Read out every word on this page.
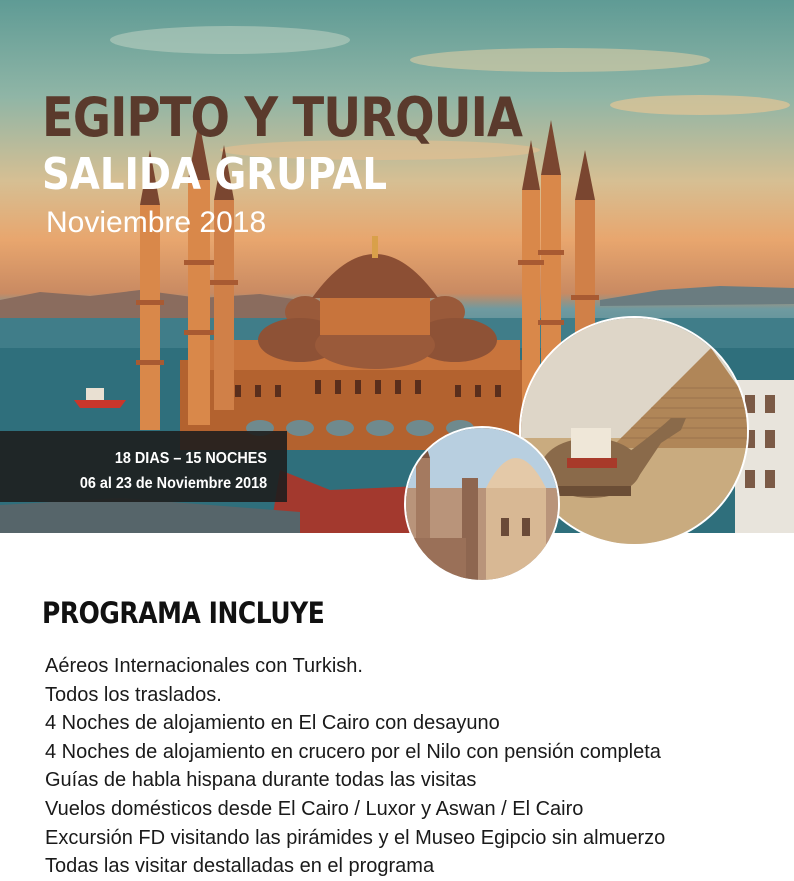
EGIPTO Y TURQUIA
SALIDA GRUPAL
Noviembre 2018
18 DIAS – 15 NOCHES
06 al 23 de Noviembre 2018
PROGRAMA INCLUYE
Aéreos Internacionales con Turkish.
Todos los traslados.
4 Noches de alojamiento en El Cairo con desayuno
4 Noches de alojamiento en crucero por el Nilo con pensión completa
Guías de habla hispana durante todas las visitas
Vuelos domésticos desde El Cairo / Luxor y Aswan / El Cairo
Excursión FD visitando las pirámides y el Museo Egipcio sin almuerzo
Todas las visitar destalladas en el programa
